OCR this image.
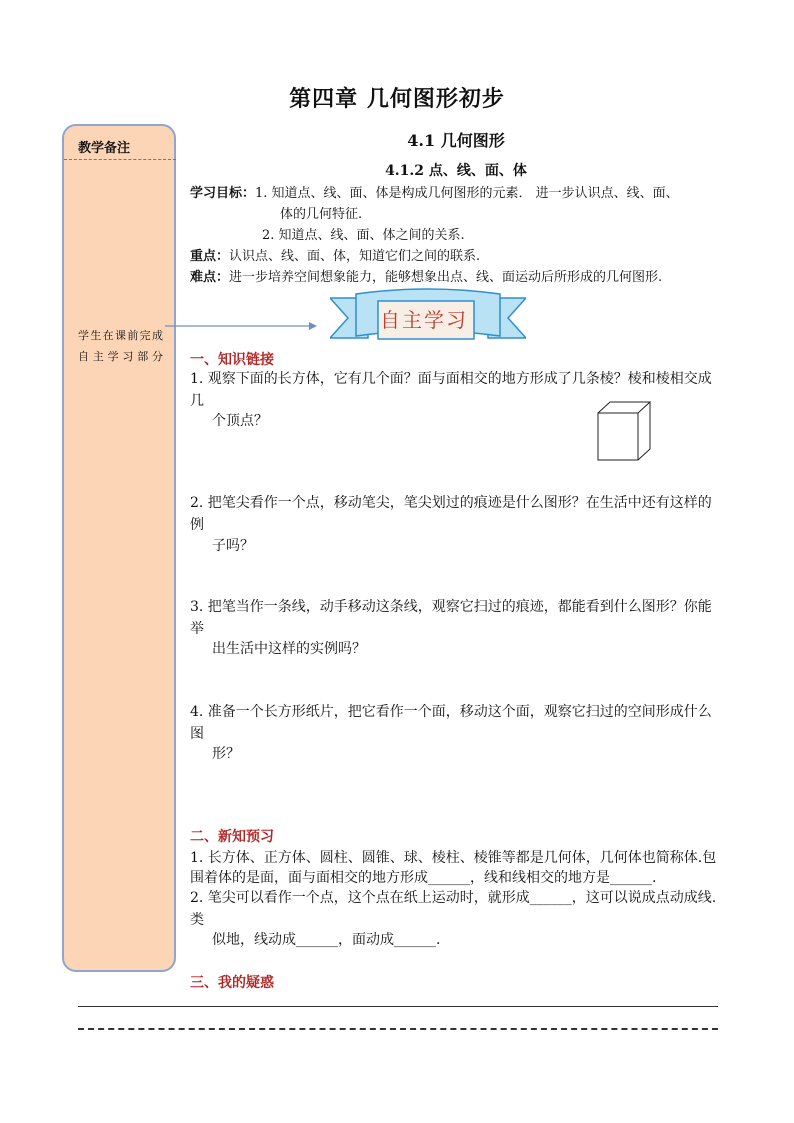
第四章 几何图形初步
教学备注
学生在课前完成自主学习部分
4.1 几何图形
4.1.2 点、线、面、体
学习目标：1. 知道点、线、面、体是构成几何图形的元素． 进一步认识点、线、面、
体的几何特征.
2. 知道点、线、面、体之间的关系.
重点：认识点、线、面、体，知道它们之间的联系.
难点：进一步培养空间想象能力，能够想象出点、线、面运动后所形成的几何图形.
自主学习
一、知识链接
1. 观察下面的长方体，它有几个面？面与面相交的地方形成了几条棱？棱和棱相交成几
个顶点？
2. 把笔尖看作一个点，移动笔尖，笔尖划过的痕迹是什么图形？在生活中还有这样的例
子吗？
3. 把笔当作一条线，动手移动这条线，观察它扫过的痕迹，都能看到什么图形？你能举
出生活中这样的实例吗？
4. 准备一个长方形纸片，把它看作一个面，移动这个面，观察它扫过的空间形成什么图
形？
二、新知预习
1. 长方体、正方体、圆柱、圆锥、球、棱柱、棱锥等都是几何体，几何体也简称体.包
围着体的是面，面与面相交的地方形成______，线和线相交的地方是______.
2. 笔尖可以看作一个点，这个点在纸上运动时，就形成______，这可以说成点动成线.类
似地，线动成______，面动成______.
三、我的疑惑
